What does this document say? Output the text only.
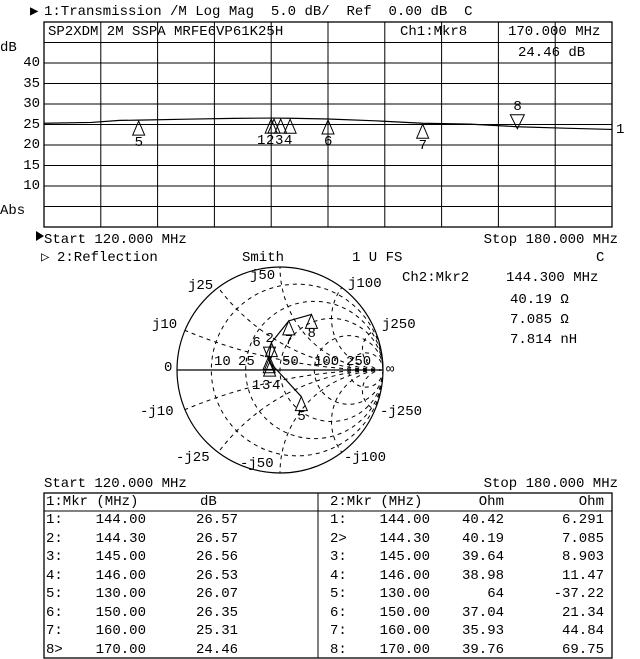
▶ 1:Transmission /M Log Mag  5.0 dB/  Ref  0.00 dB  C
SP2XDM 2M SSPA MRFE6VP61K25H	Ch1:Mkr8	170.000 MHz
24.46 dB
dB
Abs
1
Start 120.000 MHz	Stop 180.000 MHz
10
15
20
25
30
35
40
1 2 3 4
5	6	7
8
▷ 2:Reflection	Smith	1 U FS	C
Ch2:Mkr2	144.300 MHz
40.19 Ω
7.085 Ω
7.814 nH
Start 120.000 MHz	Stop 180.000 MHz
j25
j50	j100
j10	j250
0	10 25 50 100 250 ∞
-j10	-j250
-j25 -j50	-j100
1
2
3 4
5
6 7 8
1:Mkr (MHz)	dB
1:	144.00	26.57
2:	144.30	26.57
3:	145.00	26.56
4:	146.00	26.53
5:	130.00	26.07
6:	150.00	26.35
7:	160.00	25.31
8>	170.00	24.46
2:Mkr (MHz)	Ohm	Ohm
1:	144.00	40.42	6.291
2>	144.30	40.19	7.085
3:	145.00	39.64	8.903
4:	146.00	38.98	11.47
5:	130.00	64	-37.22
6:	150.00	37.04	21.34
7:	160.00	35.93	44.84
8:	170.00	39.76	69.75
